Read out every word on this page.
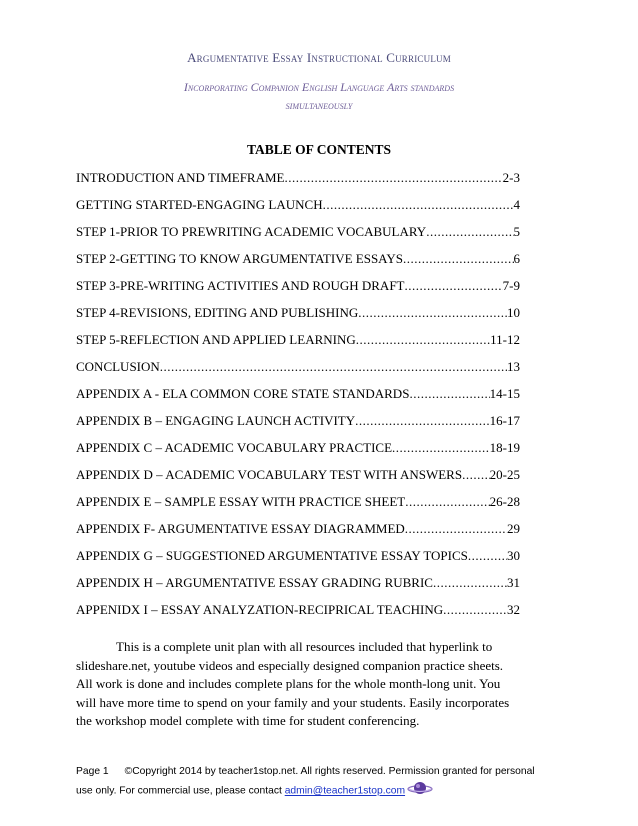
Argumentative Essay Instructional Curriculum
Incorporating Companion English Language Arts standards
simultaneously
TABLE OF CONTENTS
INTRODUCTION AND TIMEFRAME .....	2-3
GETTING STARTED-ENGAGING LAUNCH .....	4
STEP 1-PRIOR TO PREWRITING ACADEMIC VOCABULARY .....	5
STEP 2-GETTING TO KNOW ARGUMENTATIVE ESSAYS .....	6
STEP 3-PRE-WRITING ACTIVITIES AND ROUGH DRAFT .....	7-9
STEP 4-REVISIONS, EDITING AND PUBLISHING .....	10
STEP 5-REFLECTION AND APPLIED LEARNING .....	11-12
CONCLUSION .....	13
APPENDIX A - ELA COMMON CORE STATE STANDARDS .....	14-15
APPENDIX B – ENGAGING LAUNCH ACTIVITY .....	16-17
APPENDIX C – ACADEMIC VOCABULARY PRACTICE .....	18-19
APPENDIX D – ACADEMIC VOCABULARY TEST WITH ANSWERS ..... 20-25
APPENDIX E – SAMPLE ESSAY WITH PRACTICE SHEET .....	26-28
APPENDIX F- ARGUMENTATIVE ESSAY DIAGRAMMED .....	29
APPENDIX G – SUGGESTIONED ARGUMENTATIVE ESSAY TOPICS .....	30
APPENDIX H – ARGUMENTATIVE ESSAY GRADING RUBRIC .....	31
APPENIDX I – ESSAY ANALYZATION-RECIPRICAL TEACHING .....	32
This is a complete unit plan with all resources included that hyperlink to
slideshare.net, youtube videos and especially designed companion practice sheets.
All work is done and includes complete plans for the whole month-long unit. You
will have more time to spend on your family and your students. Easily incorporates
the workshop model complete with time for student conferencing.
Page 1 ©Copyright 2014 by teacher1stop.net. All rights reserved. Permission granted for personal
use only. For commercial use, please contact admin@teacher1stop.com
